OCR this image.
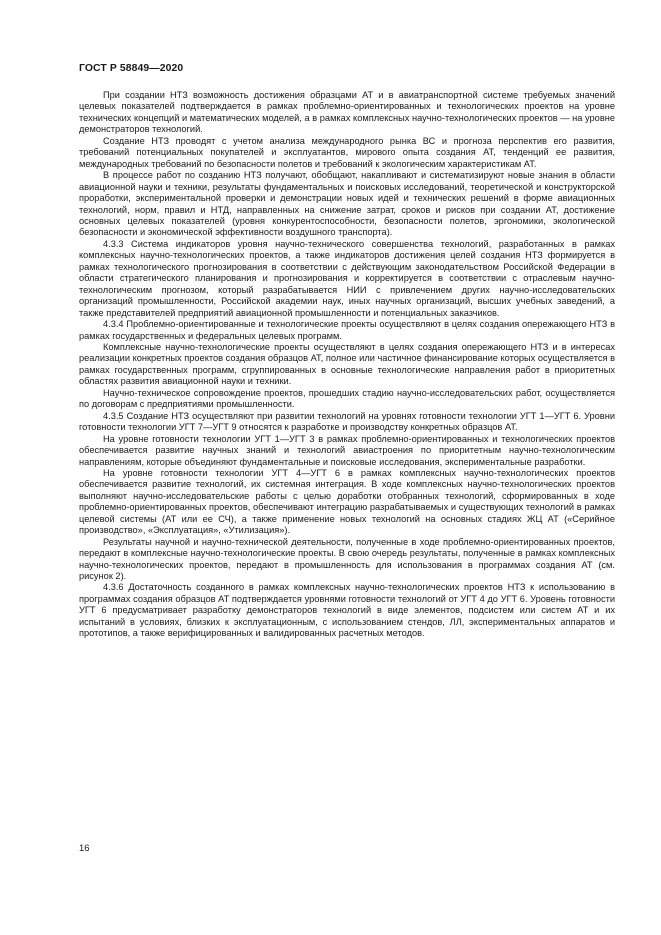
ГОСТ Р 58849—2020

При создании НТЗ возможность достижения образцами АТ и в авиатранспортной системе требуемых значений целевых показателей подтверждается в рамках проблемно-ориентированных и технологических проектов на уровне технических концепций и математических моделей, а в рамках комплексных научно-технологических проектов — на уровне демонстраторов технологий.

Создание НТЗ проводят с учетом анализа международного рынка ВС и прогноза перспектив его развития, требований потенциальных покупателей и эксплуатантов, мирового опыта создания АТ, тенденций ее развития, международных требований по безопасности полетов и требований к экологическим характеристикам АТ.

В процессе работ по созданию НТЗ получают, обобщают, накапливают и систематизируют новые знания в области авиационной науки и техники, результаты фундаментальных и поисковых исследований, теоретической и конструкторской проработки, экспериментальной проверки и демонстрации новых идей и технических решений в форме авиационных технологий, норм, правил и НТД, направленных на снижение затрат, сроков и рисков при создании АТ, достижение основных целевых показателей (уровня конкурентоспособности, безопасности полетов, эргономики, экологической безопасности и экономической эффективности воздушного транспорта).

4.3.3 Система индикаторов уровня научно-технического совершенства технологий, разработанных в рамках комплексных научно-технологических проектов, а также индикаторов достижения целей создания НТЗ формируется в рамках технологического прогнозирования в соответствии с действующим законодательством Российской Федерации в области стратегического планирования и прогнозирования и корректируется в соответствии с отраслевым научно-технологическим прогнозом, который разрабатывается НИИ с привлечением других научно-исследовательских организаций промышленности, Российской академии наук, иных научных организаций, высших учебных заведений, а также представителей предприятий авиационной промышленности и потенциальных заказчиков.

4.3.4 Проблемно-ориентированные и технологические проекты осуществляют в целях создания опережающего НТЗ в рамках государственных и федеральных целевых программ.

Комплексные научно-технологические проекты осуществляют в целях создания опережающего НТЗ и в интересах реализации конкретных проектов создания образцов АТ, полное или частичное финансирование которых осуществляется в рамках государственных программ, сгруппированных в основные технологические направления работ в приоритетных областях развития авиационной науки и техники.

Научно-техническое сопровождение проектов, прошедших стадию научно-исследовательских работ, осуществляется по договорам с предприятиями промышленности.

4.3.5 Создание НТЗ осуществляют при развитии технологий на уровнях готовности технологии УГТ 1—УГТ 6. Уровни готовности технологии УГТ 7—УГТ 9 относятся к разработке и производству конкретных образцов АТ.

На уровне готовности технологии УГТ 1—УГТ 3 в рамках проблемно-ориентированных и технологических проектов обеспечивается развитие научных знаний и технологий авиастроения по приоритетным научно-технологическим направлениям, которые объединяют фундаментальные и поисковые исследования, экспериментальные разработки.

На уровне готовности технологии УГТ 4—УГТ 6 в рамках комплексных научно-технологических проектов обеспечивается развитие технологий, их системная интеграция. В ходе комплексных научно-технологических проектов выполняют научно-исследовательские работы с целью доработки отобранных технологий, сформированных в ходе проблемно-ориентированных проектов, обеспечивают интеграцию разрабатываемых и существующих технологий в рамках целевой системы (АТ или ее СЧ), а также применение новых технологий на основных стадиях ЖЦ АТ («Серийное производство», «Эксплуатация», «Утилизация»).

Результаты научной и научно-технической деятельности, полученные в ходе проблемно-ориентированных проектов, передают в комплексные научно-технологические проекты. В свою очередь результаты, полученные в рамках комплексных научно-технологических проектов, передают в промышленность для использования в программах создания АТ (см. рисунок 2).

4.3.6 Достаточность созданного в рамках комплексных научно-технологических проектов НТЗ к использованию в программах создания образцов АТ подтверждается уровнями готовности технологий от УГТ 4 до УГТ 6. Уровень готовности УГТ 6 предусматривает разработку демонстраторов технологий в виде элементов, подсистем или систем АТ и их испытаний в условиях, близких к эксплуатационным, с использованием стендов, ЛЛ, экспериментальных аппаратов и прототипов, а также верифицированных и валидированных расчетных методов.

16
